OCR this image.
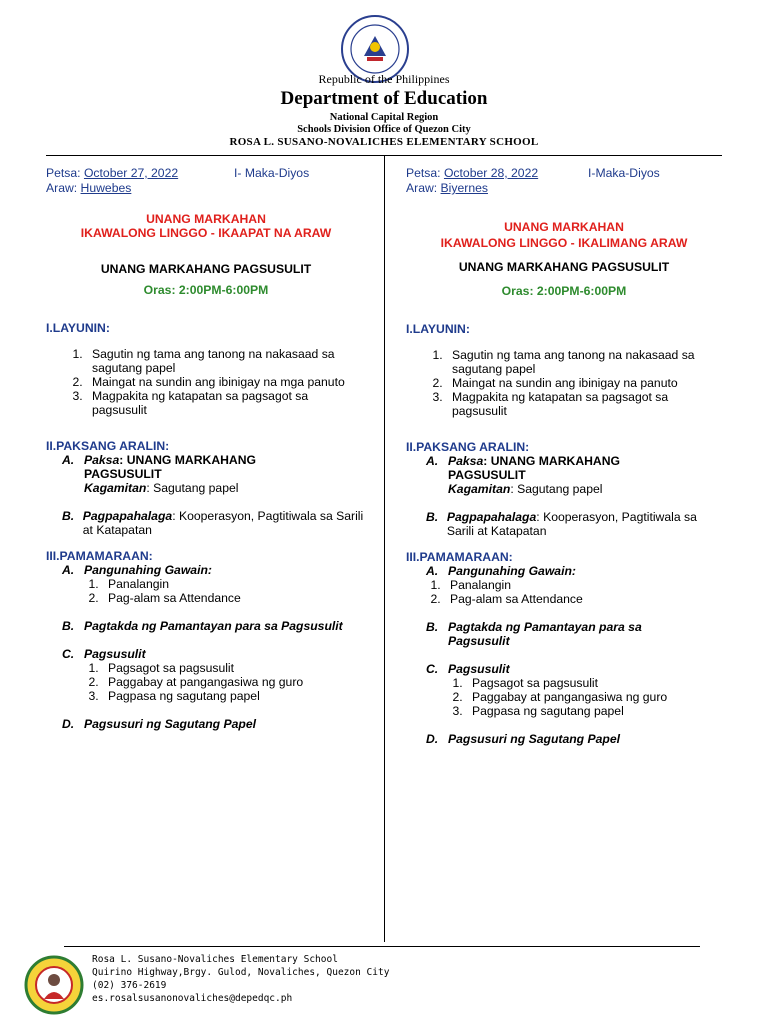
Republic of the Philippines
Department of Education
National Capital Region
Schools Division Office of Quezon City
ROSA L. SUSANO-NOVALICHES ELEMENTARY SCHOOL
Petsa: October 27, 2022	I- Maka-Diyos
Araw: Huwebes
UNANG MARKAHAN
IKAWALONG LINGGO - IKAAPAT NA ARAW
UNANG MARKAHANG PAGSUSULIT
Oras: 2:00PM-6:00PM
I.LAYUNIN:
1. Sagutin ng tama ang tanong na nakasaad sa sagutang papel
2. Maingat na sundin ang ibinigay na mga panuto
3. Magpakita ng katapatan sa pagsagot sa pagsusulit
II.PAKSANG ARALIN:
A. Paksa: UNANG MARKAHANG PAGSUSULIT
Kagamitan: Sagutang papel
B. Pagpapahalaga: Kooperasyon, Pagtitiwala sa Sarili at Katapatan
III.PAMAMARAAN:
A. Pangunahing Gawain:
1. Panalangin
2. Pag-alam sa Attendance
B. Pagtakda ng Pamantayan para sa Pagsusulit
C. Pagsusulit
1. Pagsagot sa pagsusulit
2. Paggabay at pangangasiwa ng guro
3. Pagpasa ng sagutang papel
D. Pagsusuri ng Sagutang Papel
Petsa: October 28, 2022	I-Maka-Diyos
Araw: Biyernes
UNANG MARKAHAN
IKAWALONG LINGGO - IKALIMANG ARAW
UNANG MARKAHANG PAGSUSULIT
Oras: 2:00PM-6:00PM
I.LAYUNIN:
1. Sagutin ng tama ang tanong na nakasaad sa sagutang papel
2. Maingat na sundin ang ibinigay na panuto
3. Magpakita ng katapatan sa pagsagot sa pagsusulit
II.PAKSANG ARALIN:
A. Paksa: UNANG MARKAHANG PAGSUSULIT
Kagamitan: Sagutang papel
B. Pagpapahalaga: Kooperasyon, Pagtitiwala sa Sarili at Katapatan
III.PAMAMARAAN:
A. Pangunahing Gawain:
1. Panalangin
2. Pag-alam sa Attendance
B. Pagtakda ng Pamantayan para sa Pagsusulit
C. Pagsusulit
1. Pagsagot sa pagsusulit
2. Paggabay at pangangasiwa ng guro
3. Pagpasa ng sagutang papel
D. Pagsusuri ng Sagutang Papel
Rosa L. Susano-Novaliches Elementary School
Quirino Highway,Brgy. Gulod, Novaliches, Quezon City
(02) 376-2619
es.rosalsusanonovaliches@depedqc.ph
